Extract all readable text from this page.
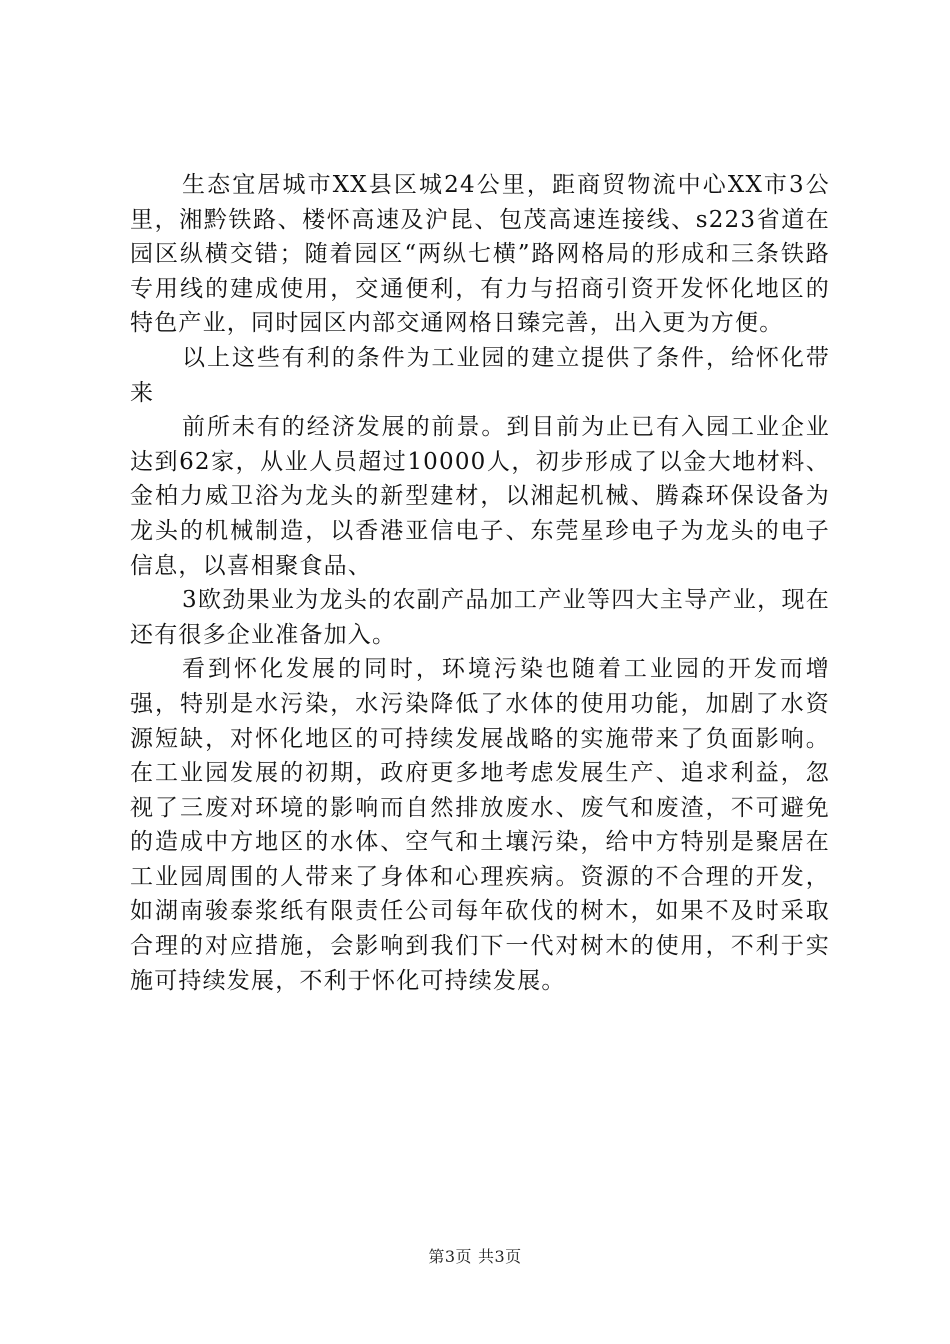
生态宜居城市XX县区城24公里，距商贸物流中心XX市3公里，湘黔铁路、楼怀高速及沪昆、包茂高速连接线、s223省道在园区纵横交错；随着园区“两纵七横”路网格局的形成和三条铁路专用线的建成使用，交通便利，有力与招商引资开发怀化地区的特色产业，同时园区内部交通网格日臻完善，出入更为方便。

以上这些有利的条件为工业园的建立提供了条件，给怀化带来

前所未有的经济发展的前景。到目前为止已有入园工业企业达到62家，从业人员超过10000人，初步形成了以金大地材料、金柏力威卫浴为龙头的新型建材，以湘起机械、腾森环保设备为龙头的机械制造，以香港亚信电子、东莞星珍电子为龙头的电子信息，以喜相聚食品、

3欧劲果业为龙头的农副产品加工产业等四大主导产业，现在还有很多企业准备加入。

看到怀化发展的同时，环境污染也随着工业园的开发而增强，特别是水污染，水污染降低了水体的使用功能，加剧了水资源短缺，对怀化地区的可持续发展战略的实施带来了负面影响。在工业园发展的初期，政府更多地考虑发展生产、追求利益，忽视了三废对环境的影响而自然排放废水、废气和废渣，不可避免的造成中方地区的水体、空气和土壤污染，给中方特别是聚居在工业园周围的人带来了身体和心理疾病。资源的不合理的开发，如湖南骏泰浆纸有限责任公司每年砍伐的树木，如果不及时采取合理的对应措施，会影响到我们下一代对树木的使用，不利于实施可持续发展，不利于怀化可持续发展。

第3页 共3页
